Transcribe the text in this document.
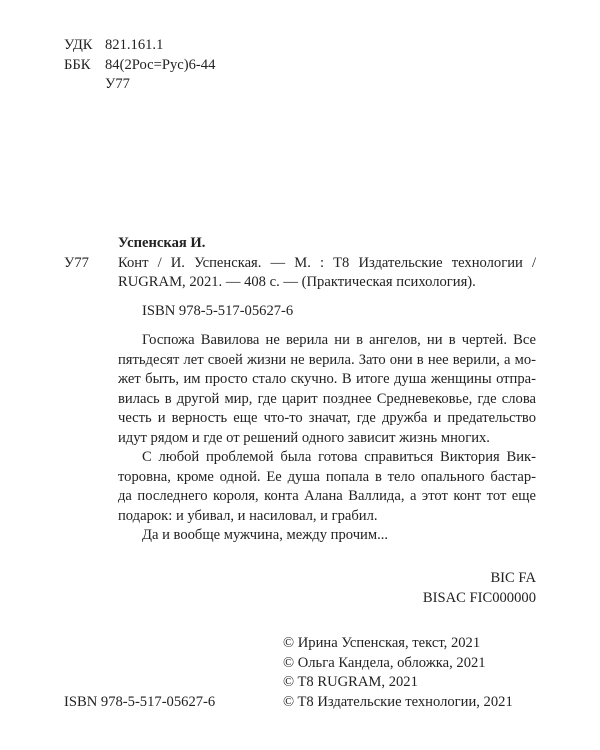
УДК 821.161.1
ББК 84(2Рос=Рус)6-44
У77
Успенская И.
У77 Конт / И. Успенская. — М. : Т8 Издательские технологии /
RUGRAM, 2021. — 408 с. — (Практическая психология).
ISBN 978-5-517-05627-6
Госпожа Вавилова не верила ни в ангелов, ни в чертей. Все
пятьдесят лет своей жизни не верила. Зато они в нее верили, а мо-
жет быть, им просто стало скучно. В итоге душа женщины отпра-
вилась в другой мир, где царит позднее Средневековье, где слова
честь и верность еще что-то значат, где дружба и предательство
идут рядом и где от решений одного зависит жизнь многих.
С любой проблемой была готова справиться Виктория Вик-
торовна, кроме одной. Ее душа попала в тело опального бастар-
да последнего короля, конта Алана Валлида, а этот конт тот еще
подарок: и убивал, и насиловал, и грабил.
Да и вообще мужчина, между прочим...
BIC FA
BISAC FIC000000
© Ирина Успенская, текст, 2021
© Ольга Кандела, обложка, 2021
© T8 RUGRAM, 2021
© T8 Издательские технологии, 2021
ISBN 978-5-517-05627-6
